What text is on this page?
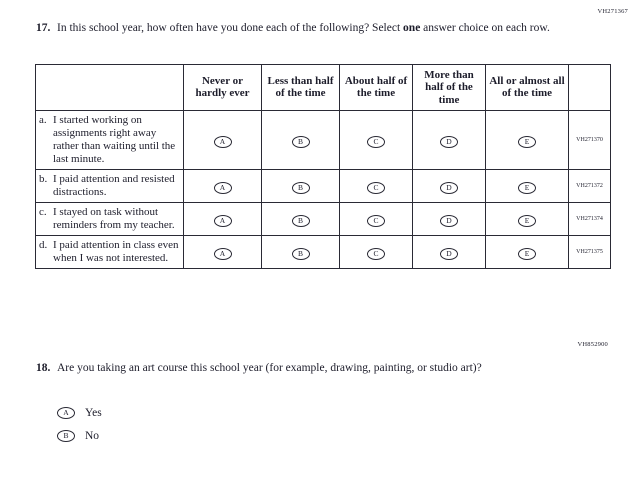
VH271367
17. In this school year, how often have you done each of the following? Select one answer choice on each row.
	Never or hardly ever	Less than half of the time	About half of the time	More than half of the time	All or almost all of the time	

a. I started working on assignments right away rather than waiting until the last minute.	A	B	C	D	E	VH271370

b. I paid attention and resisted distractions.	A	B	C	D	E	VH271372

c. I stayed on task without reminders from my teacher.	A	B	C	D	E	VH271374

d. I paid attention in class even when I was not interested.	A	B	C	D	E	VH271375
VH852900
18. Are you taking an art course this school year (for example, drawing, painting, or studio art)?
A	Yes
B	No
